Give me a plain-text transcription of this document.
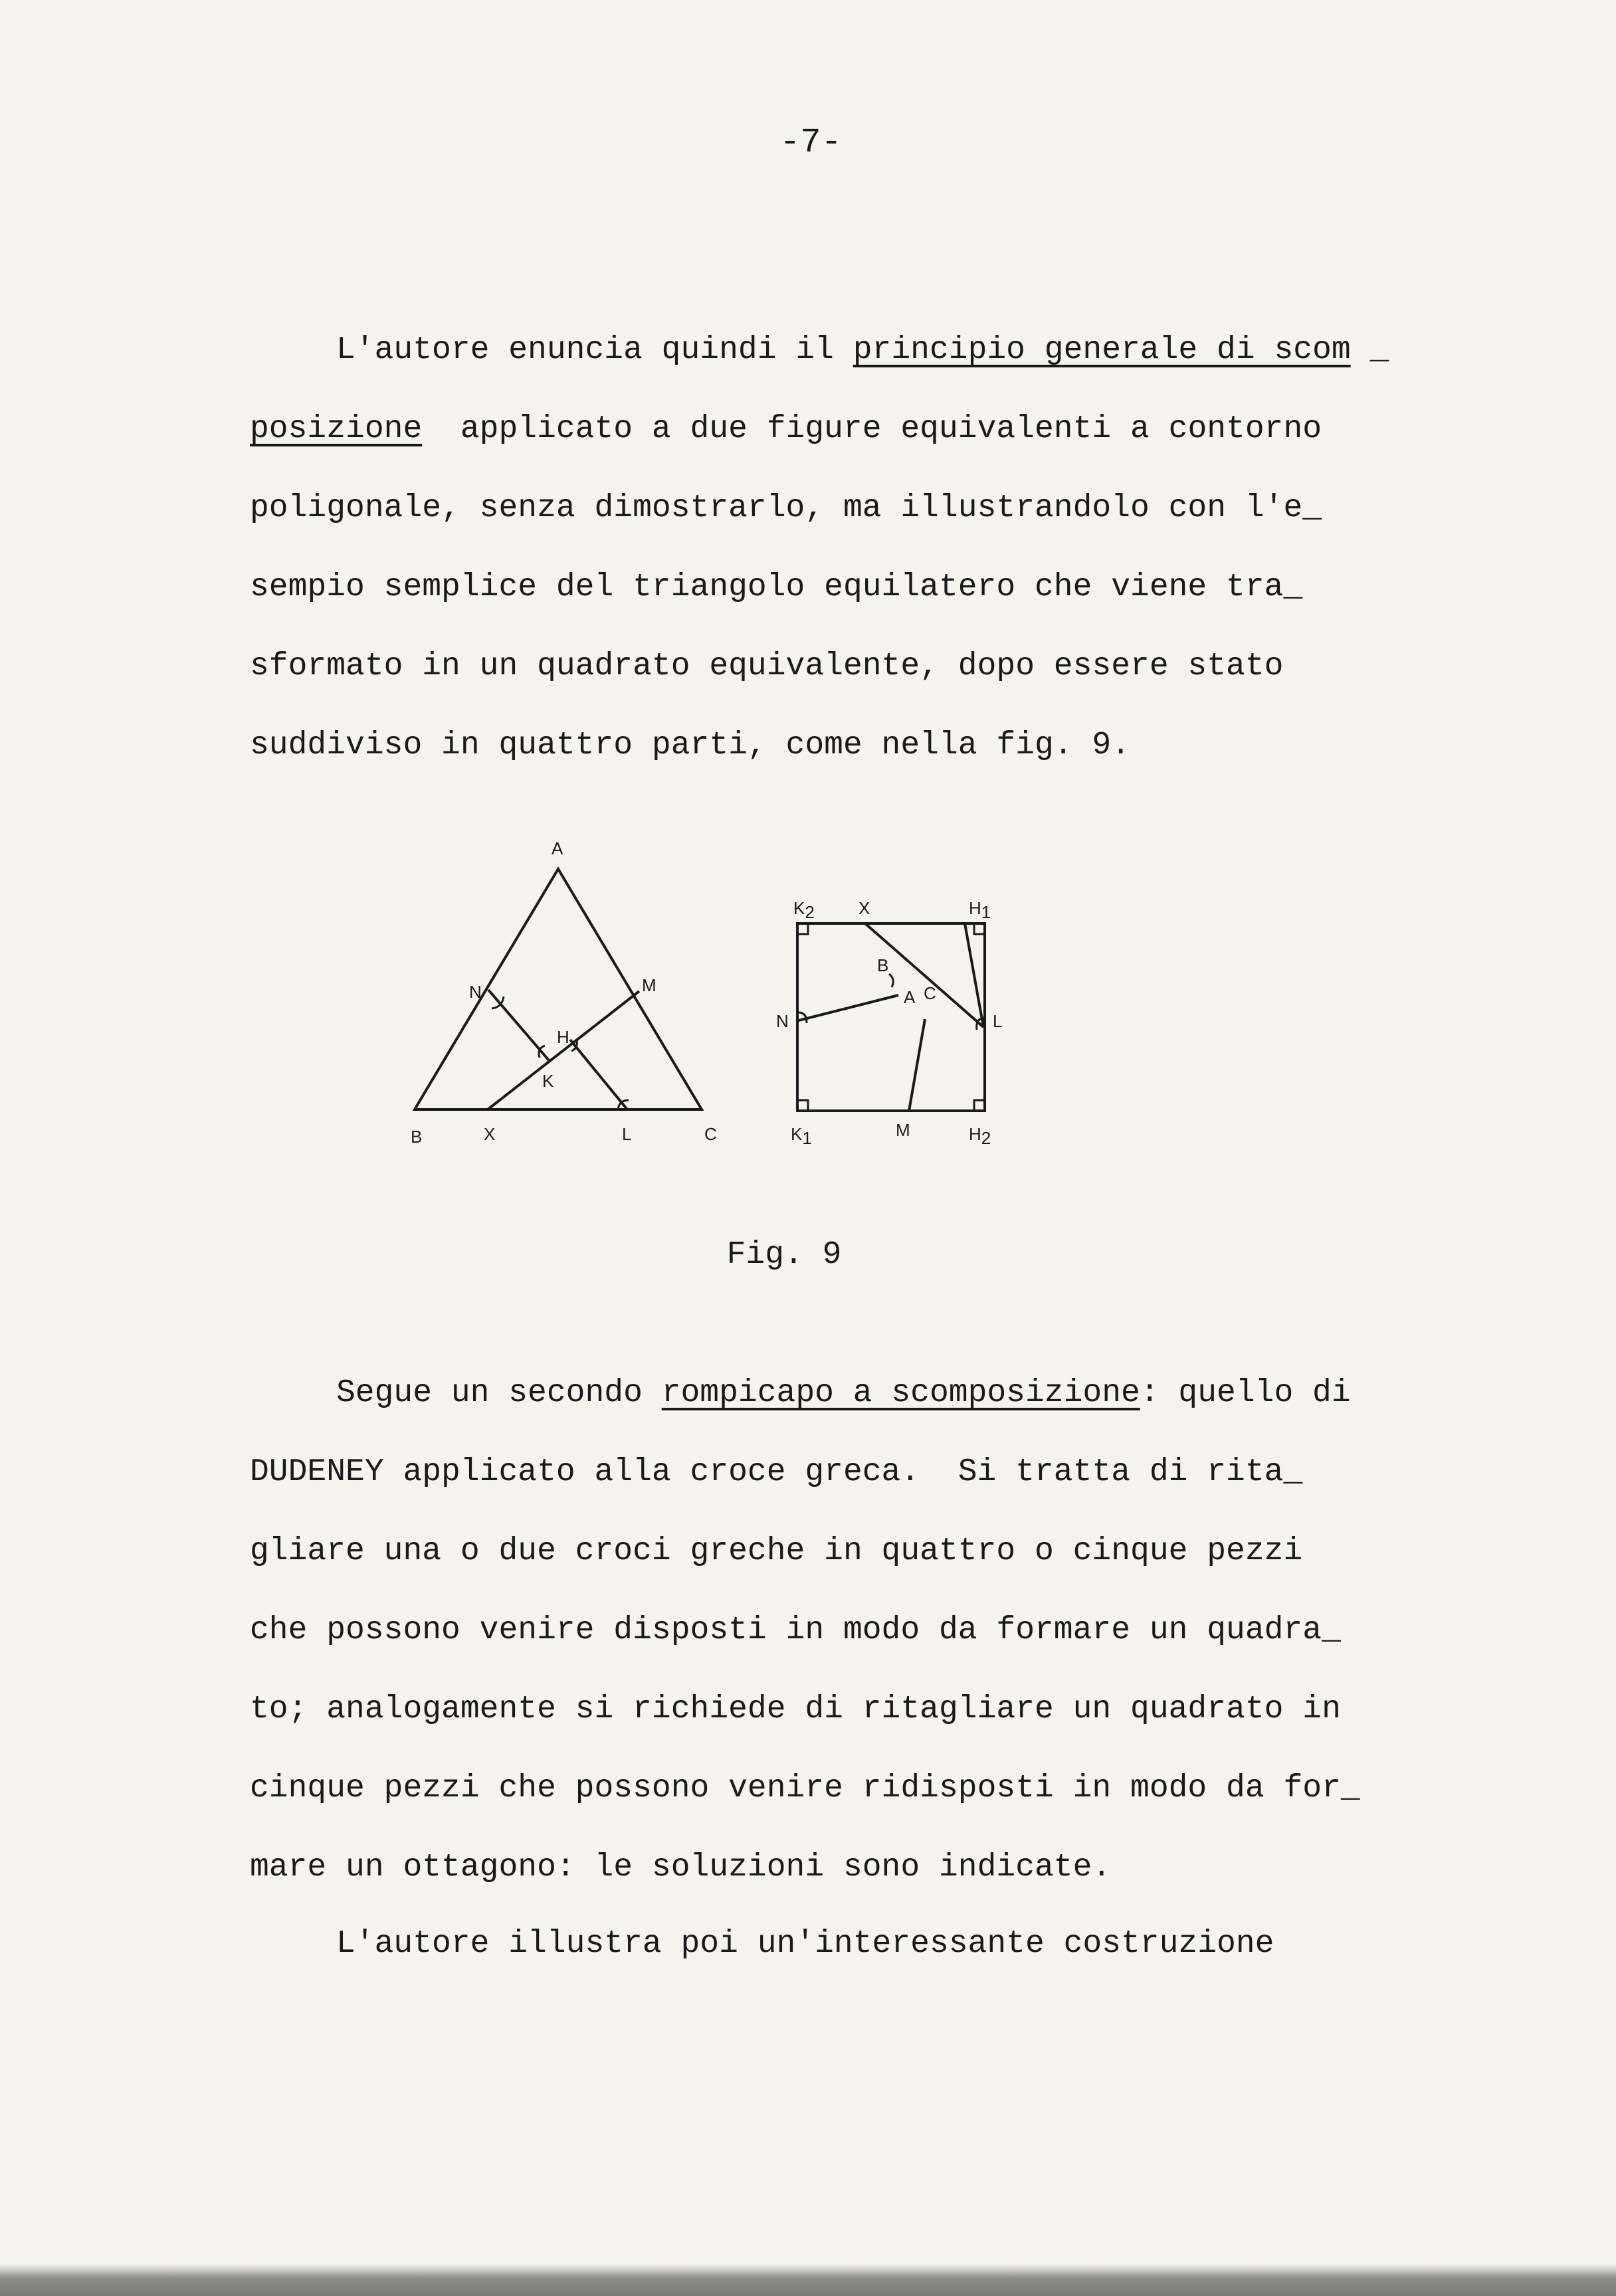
-7-

L'autore enuncia quindi il principio generale di scom _
posizione  applicato a due figure equivalenti a contorno
poligonale, senza dimostrarlo, ma illustrandolo con l'e_
sempio semplice del triangolo equilatero che viene tra_
sformato in un quadrato equivalente, dopo essere stato
suddiviso in quattro parti, come nella fig. 9.

A
B	C
X	L
N	M
H
K
K2	X	H1
N	L
B
A C
K1	M	H2
Fig. 9

Segue un secondo rompicapo a scomposizione: quello di
DUDENEY applicato alla croce greca.  Si tratta di rita_
gliare una o due croci greche in quattro o cinque pezzi
che possono venire disposti in modo da formare un quadra_
to; analogamente si richiede di ritagliare un quadrato in
cinque pezzi che possono venire ridisposti in modo da for_
mare un ottagono: le soluzioni sono indicate.

L'autore illustra poi un'interessante costruzione
